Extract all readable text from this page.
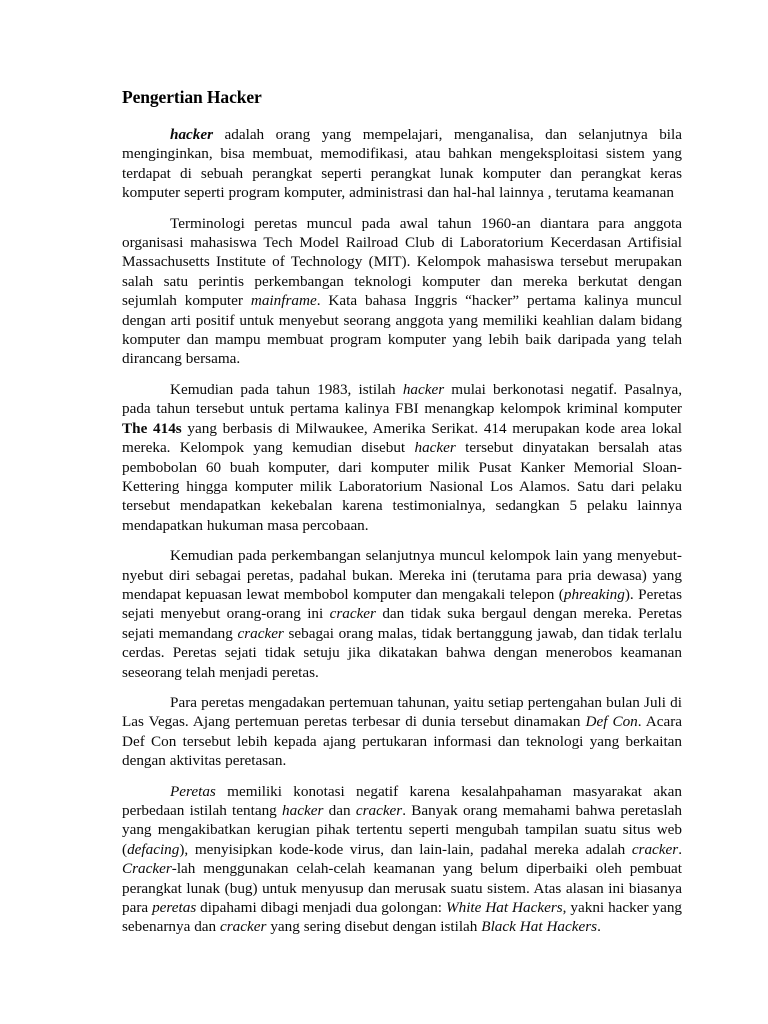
Pengertian Hacker

hacker adalah orang yang mempelajari, menganalisa, dan selanjutnya bila menginginkan, bisa membuat, memodifikasi, atau bahkan mengeksploitasi sistem yang terdapat di sebuah perangkat seperti perangkat lunak komputer dan perangkat keras komputer seperti program komputer, administrasi dan hal-hal lainnya , terutama keamanan

Terminologi peretas muncul pada awal tahun 1960-an diantara para anggota organisasi mahasiswa Tech Model Railroad Club di Laboratorium Kecerdasan Artifisial Massachusetts Institute of Technology (MIT). Kelompok mahasiswa tersebut merupakan salah satu perintis perkembangan teknologi komputer dan mereka berkutat dengan sejumlah komputer mainframe. Kata bahasa Inggris “hacker” pertama kalinya muncul dengan arti positif untuk menyebut seorang anggota yang memiliki keahlian dalam bidang komputer dan mampu membuat program komputer yang lebih baik daripada yang telah dirancang bersama.

Kemudian pada tahun 1983, istilah hacker mulai berkonotasi negatif. Pasalnya, pada tahun tersebut untuk pertama kalinya FBI menangkap kelompok kriminal komputer The 414s yang berbasis di Milwaukee, Amerika Serikat. 414 merupakan kode area lokal mereka. Kelompok yang kemudian disebut hacker tersebut dinyatakan bersalah atas pembobolan 60 buah komputer, dari komputer milik Pusat Kanker Memorial Sloan-Kettering hingga komputer milik Laboratorium Nasional Los Alamos. Satu dari pelaku tersebut mendapatkan kekebalan karena testimonialnya, sedangkan 5 pelaku lainnya mendapatkan hukuman masa percobaan.

Kemudian pada perkembangan selanjutnya muncul kelompok lain yang menyebut-nyebut diri sebagai peretas, padahal bukan. Mereka ini (terutama para pria dewasa) yang mendapat kepuasan lewat membobol komputer dan mengakali telepon (phreaking). Peretas sejati menyebut orang-orang ini cracker dan tidak suka bergaul dengan mereka. Peretas sejati memandang cracker sebagai orang malas, tidak bertanggung jawab, dan tidak terlalu cerdas. Peretas sejati tidak setuju jika dikatakan bahwa dengan menerobos keamanan seseorang telah menjadi peretas.

Para peretas mengadakan pertemuan tahunan, yaitu setiap pertengahan bulan Juli di Las Vegas. Ajang pertemuan peretas terbesar di dunia tersebut dinamakan Def Con. Acara Def Con tersebut lebih kepada ajang pertukaran informasi dan teknologi yang berkaitan dengan aktivitas peretasan.

Peretas memiliki konotasi negatif karena kesalahpahaman masyarakat akan perbedaan istilah tentang hacker dan cracker. Banyak orang memahami bahwa peretaslah yang mengakibatkan kerugian pihak tertentu seperti mengubah tampilan suatu situs web (defacing), menyisipkan kode-kode virus, dan lain-lain, padahal mereka adalah cracker. Cracker-lah menggunakan celah-celah keamanan yang belum diperbaiki oleh pembuat perangkat lunak (bug) untuk menyusup dan merusak suatu sistem. Atas alasan ini biasanya para peretas dipahami dibagi menjadi dua golongan: White Hat Hackers, yakni hacker yang sebenarnya dan cracker yang sering disebut dengan istilah Black Hat Hackers.
